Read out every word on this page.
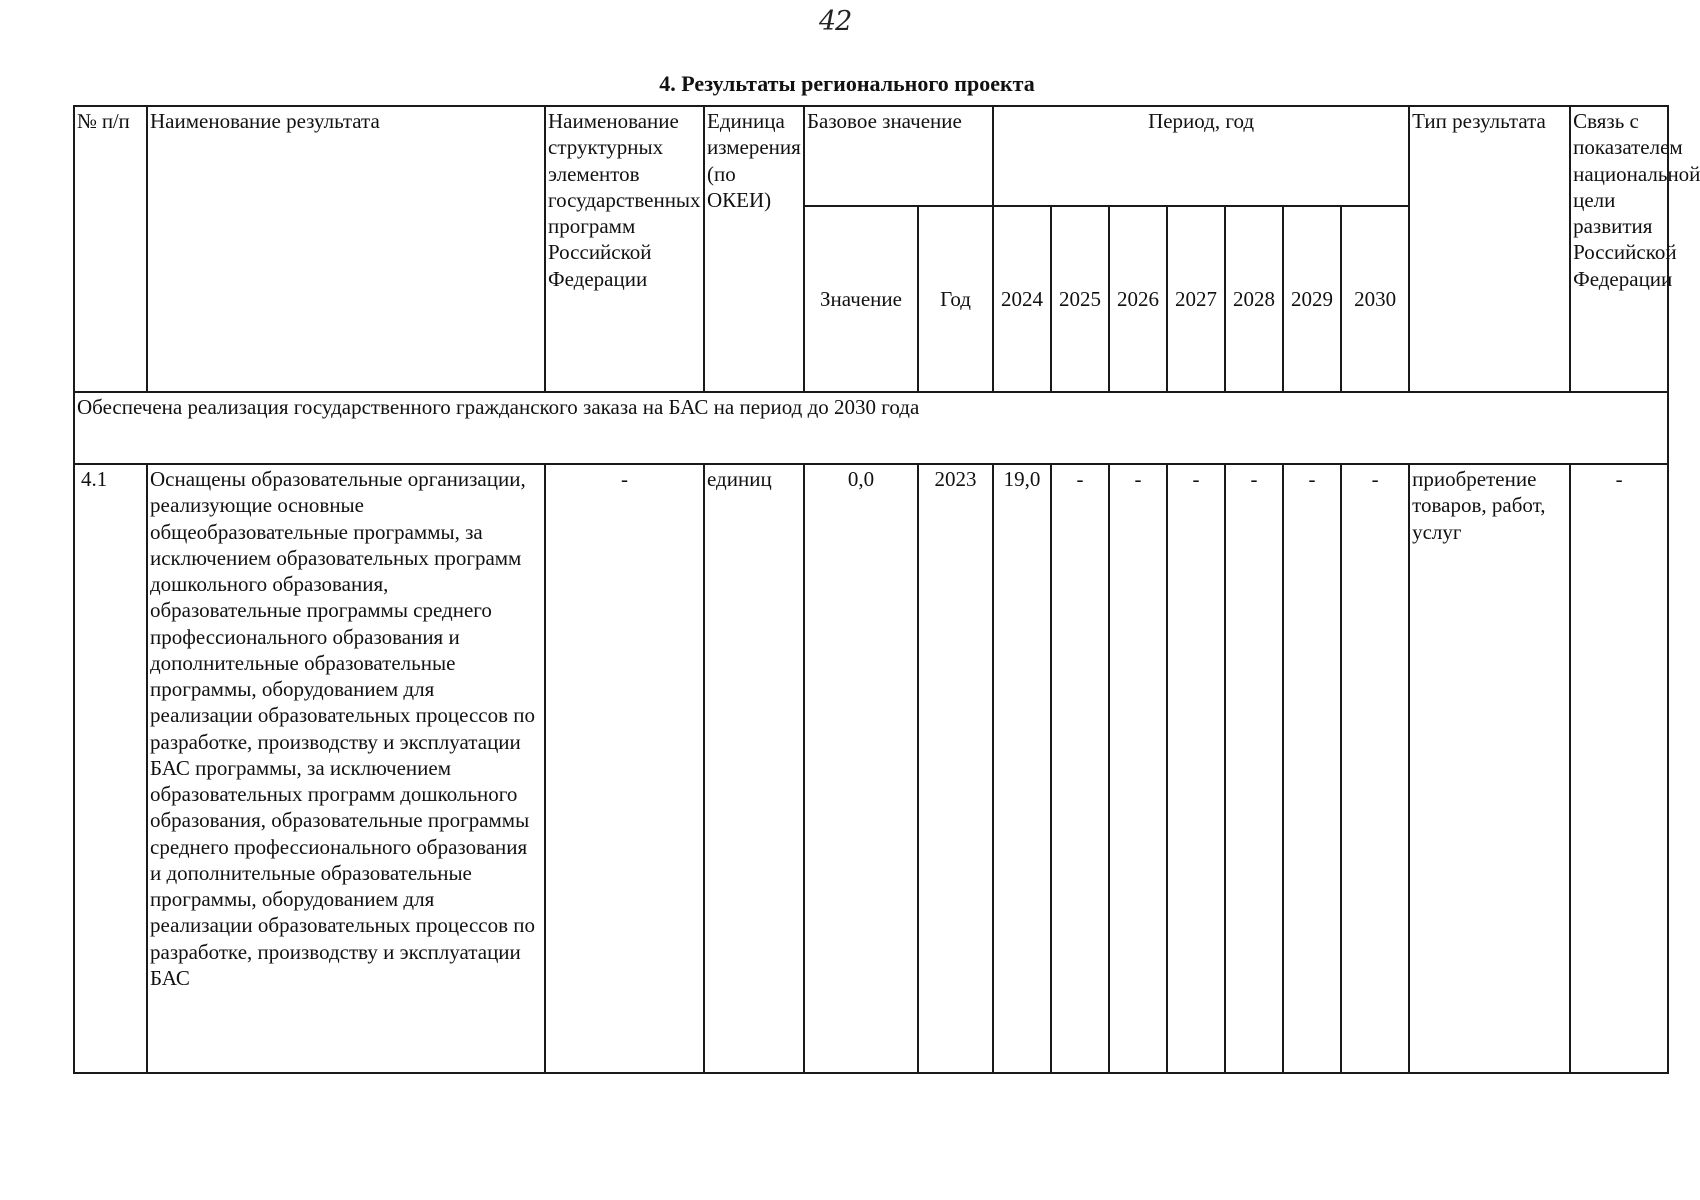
42
4. Результаты регионального проекта
№ п/п	Наименование результата	Наименование структурных элементов государственных программ Российской Федерации	Единица измерения (по ОКЕИ)	Базовое значение		Период, год							Тип результата	Связь с показателем национальной цели развития Российской Федерации
				Значение	Год	2024	2025	2026	2027	2028	2029	2030		
Обеспечена реализация государственного гражданского заказа на БАС на период до 2030 года														
4.1	Оснащены образовательные организации, реализующие основные общеобразовательные программы, за исключением образовательных программ дошкольного образования, образовательные программы среднего профессионального образования и дополнительные образовательные программы, оборудованием для реализации образовательных процессов по разработке, производству и эксплуатации БАС программы, за исключением образовательных программ дошкольного образования, образовательные программы среднего профессионального образования и дополнительные образовательные программы, оборудованием для реализации образовательных процессов по разработке, производству и эксплуатации БАС	-	единиц	0,0	2023	19,0	-	-	-	-	-	-	приобретение товаров, работ, услуг	-
